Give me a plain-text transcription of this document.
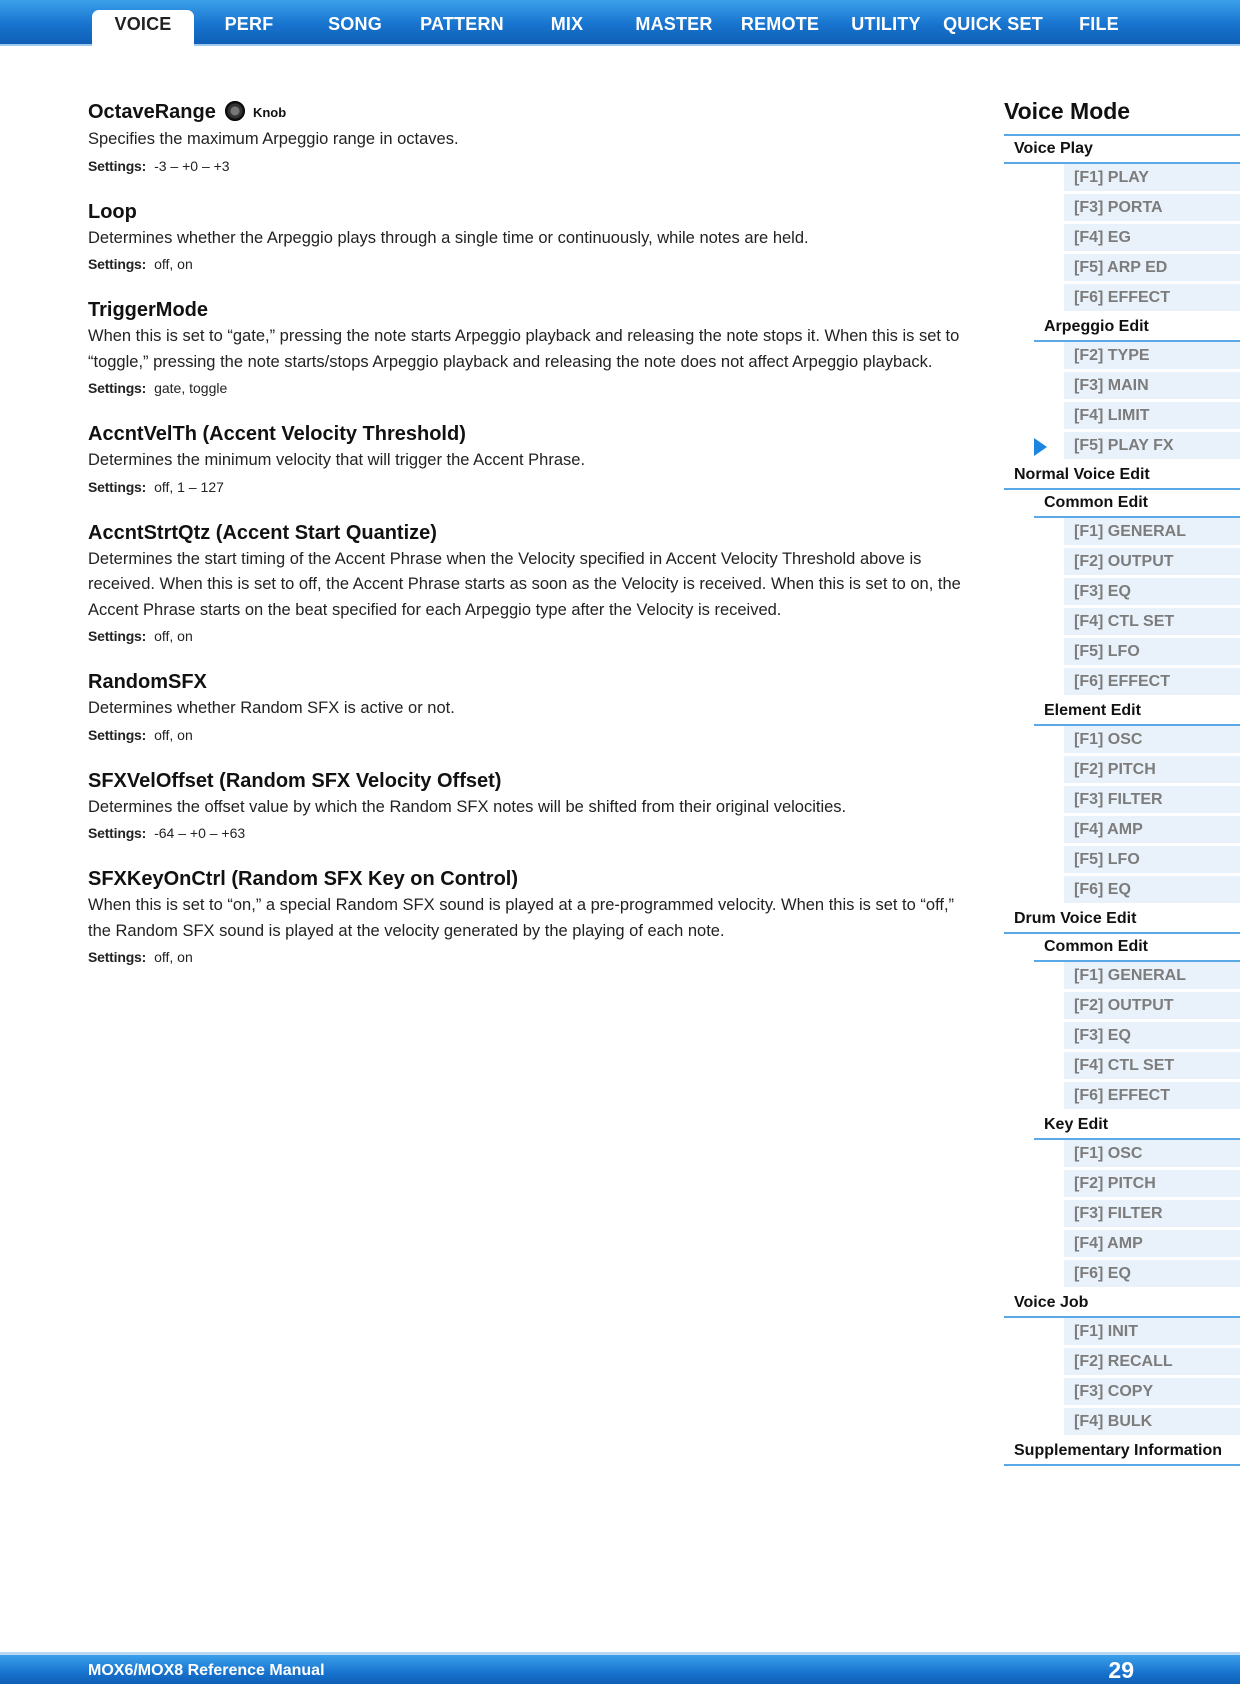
VOICE	PERF	SONG	PATTERN	MIX	MASTER	REMOTE	UTILITY	QUICK SET	FILE
OctaveRange	Knob
Specifies the maximum Arpeggio range in octaves.
Settings: -3 – +0 – +3
Loop
Determines whether the Arpeggio plays through a single time or continuously, while notes are held.
Settings: off, on
TriggerMode
When this is set to “gate,” pressing the note starts Arpeggio playback and releasing the note stops it. When this is set to “toggle,” pressing the note starts/stops Arpeggio playback and releasing the note does not affect Arpeggio playback.
Settings: gate, toggle
AccntVelTh (Accent Velocity Threshold)
Determines the minimum velocity that will trigger the Accent Phrase.
Settings: off, 1 – 127
AccntStrtQtz (Accent Start Quantize)
Determines the start timing of the Accent Phrase when the Velocity specified in Accent Velocity Threshold above is received. When this is set to off, the Accent Phrase starts as soon as the Velocity is received. When this is set to on, the Accent Phrase starts on the beat specified for each Arpeggio type after the Velocity is received.
Settings: off, on
RandomSFX
Determines whether Random SFX is active or not.
Settings: off, on
SFXVelOffset (Random SFX Velocity Offset)
Determines the offset value by which the Random SFX notes will be shifted from their original velocities.
Settings: -64 – +0 – +63
SFXKeyOnCtrl (Random SFX Key on Control)
When this is set to “on,” a special Random SFX sound is played at a pre-programmed velocity. When this is set to “off,” the Random SFX sound is played at the velocity generated by the playing of each note.
Settings: off, on
Voice Mode
Voice Play
[F1] PLAY
[F3] PORTA
[F4] EG
[F5] ARP ED
[F6] EFFECT
Arpeggio Edit
[F2] TYPE
[F3] MAIN
[F4] LIMIT
[F5] PLAY FX
Normal Voice Edit
Common Edit
[F1] GENERAL
[F2] OUTPUT
[F3] EQ
[F4] CTL SET
[F5] LFO
[F6] EFFECT
Element Edit
[F1] OSC
[F2] PITCH
[F3] FILTER
[F4] AMP
[F5] LFO
[F6] EQ
Drum Voice Edit
Common Edit
[F1] GENERAL
[F2] OUTPUT
[F3] EQ
[F4] CTL SET
[F6] EFFECT
Key Edit
[F1] OSC
[F2] PITCH
[F3] FILTER
[F4] AMP
[F6] EQ
Voice Job
[F1] INIT
[F2] RECALL
[F3] COPY
[F4] BULK
Supplementary Information
MOX6/MOX8 Reference Manual	29
